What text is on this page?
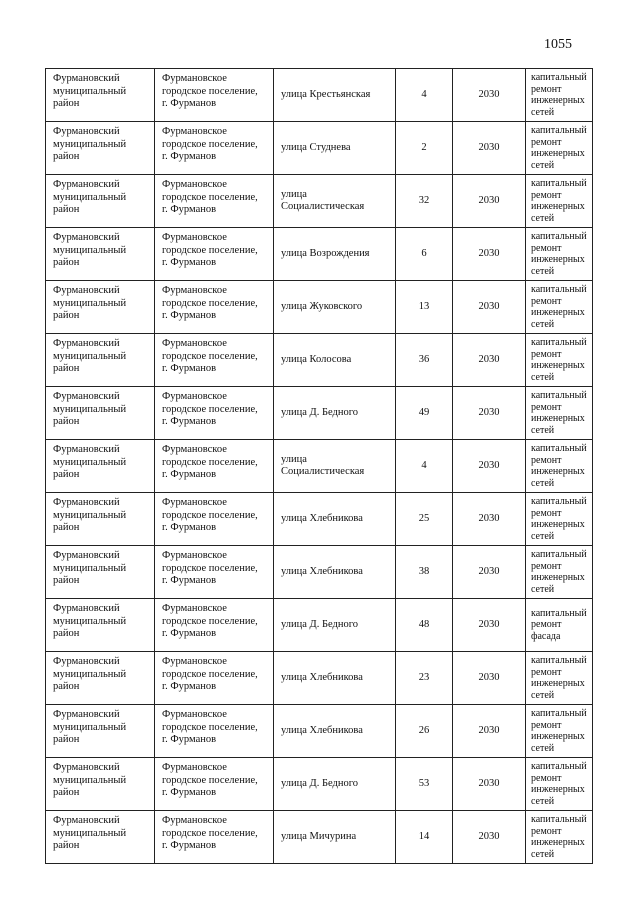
1055
Фурмановский
муниципальный
район	Фурмановское
городское поселение,
г. Фурманов	улица Крестьянская	4	2030	капитальный
ремонт
инженерных
сетей
Фурмановский
муниципальный
район	Фурмановское
городское поселение,
г. Фурманов	улица Студнева	2	2030	капитальный
ремонт
инженерных
сетей
Фурмановский
муниципальный
район	Фурмановское
городское поселение,
г. Фурманов	улица
Социалистическая	32	2030	капитальный
ремонт
инженерных
сетей
Фурмановский
муниципальный
район	Фурмановское
городское поселение,
г. Фурманов	улица Возрождения	6	2030	капитальный
ремонт
инженерных
сетей
Фурмановский
муниципальный
район	Фурмановское
городское поселение,
г. Фурманов	улица Жуковского	13	2030	капитальный
ремонт
инженерных
сетей
Фурмановский
муниципальный
район	Фурмановское
городское поселение,
г. Фурманов	улица Колосова	36	2030	капитальный
ремонт
инженерных
сетей
Фурмановский
муниципальный
район	Фурмановское
городское поселение,
г. Фурманов	улица Д. Бедного	49	2030	капитальный
ремонт
инженерных
сетей
Фурмановский
муниципальный
район	Фурмановское
городское поселение,
г. Фурманов	улица
Социалистическая	4	2030	капитальный
ремонт
инженерных
сетей
Фурмановский
муниципальный
район	Фурмановское
городское поселение,
г. Фурманов	улица Хлебникова	25	2030	капитальный
ремонт
инженерных
сетей
Фурмановский
муниципальный
район	Фурмановское
городское поселение,
г. Фурманов	улица Хлебникова	38	2030	капитальный
ремонт
инженерных
сетей
Фурмановский
муниципальный
район	Фурмановское
городское поселение,
г. Фурманов	улица Д. Бедного	48	2030	капитальный
ремонт фасада
Фурмановский
муниципальный
район	Фурмановское
городское поселение,
г. Фурманов	улица Хлебникова	23	2030	капитальный
ремонт
инженерных
сетей
Фурмановский
муниципальный
район	Фурмановское
городское поселение,
г. Фурманов	улица Хлебникова	26	2030	капитальный
ремонт
инженерных
сетей
Фурмановский
муниципальный
район	Фурмановское
городское поселение,
г. Фурманов	улица Д. Бедного	53	2030	капитальный
ремонт
инженерных
сетей
Фурмановский
муниципальный
район	Фурмановское
городское поселение,
г. Фурманов	улица Мичурина	14	2030	капитальный
ремонт
инженерных
сетей
